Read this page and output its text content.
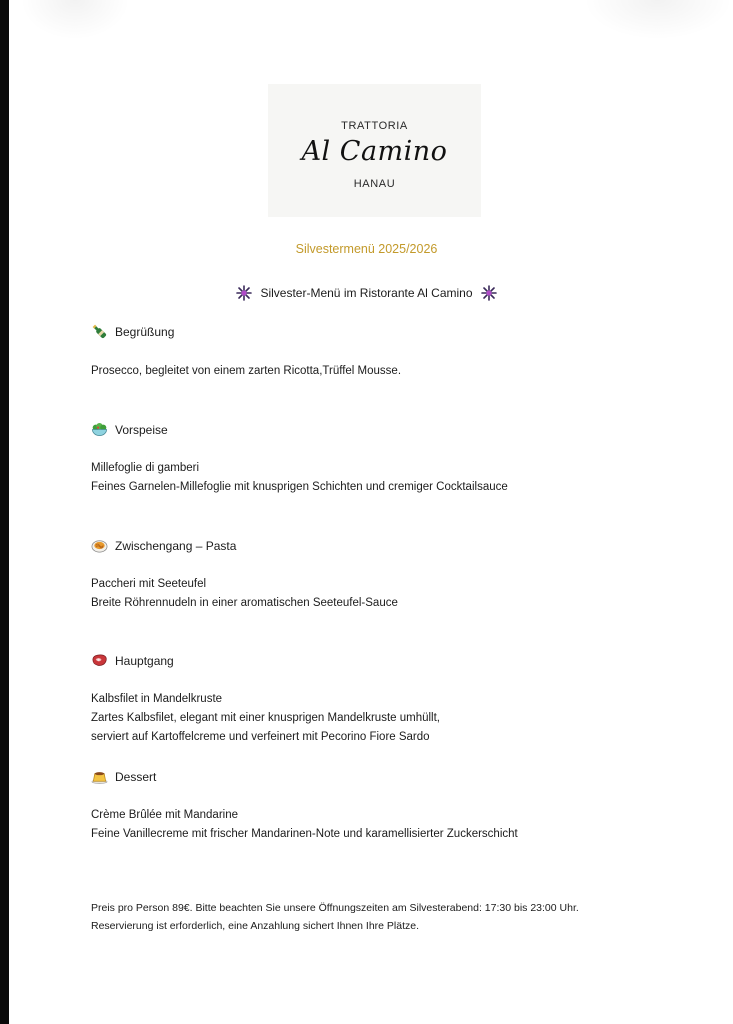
TRATTORIA
Al Camino
HANAU
Silvestermenü 2025/2026
Silvester-Menü im Ristorante Al Camino
Begrüßung
Prosecco, begleitet von einem zarten Ricotta,Trüffel Mousse.
Vorspeise
Millefoglie di gamberi
Feines Garnelen-Millefoglie mit knusprigen Schichten und cremiger Cocktailsauce
Zwischengang – Pasta
Paccheri mit Seeteufel
Breite Röhrennudeln in einer aromatischen Seeteufel-Sauce
Hauptgang
Kalbsfilet in Mandelkruste
Zartes Kalbsfilet, elegant mit einer knusprigen Mandelkruste umhüllt,
serviert auf Kartoffelcreme und verfeinert mit Pecorino Fiore Sardo
Dessert
Crème Brûlée mit Mandarine
Feine Vanillecreme mit frischer Mandarinen-Note und karamellisierter Zuckerschicht
Preis pro Person 89€. Bitte beachten Sie unsere Öffnungszeiten am Silvesterabend: 17:30 bis 23:00 Uhr.
Reservierung ist erforderlich, eine Anzahlung sichert Ihnen Ihre Plätze.
